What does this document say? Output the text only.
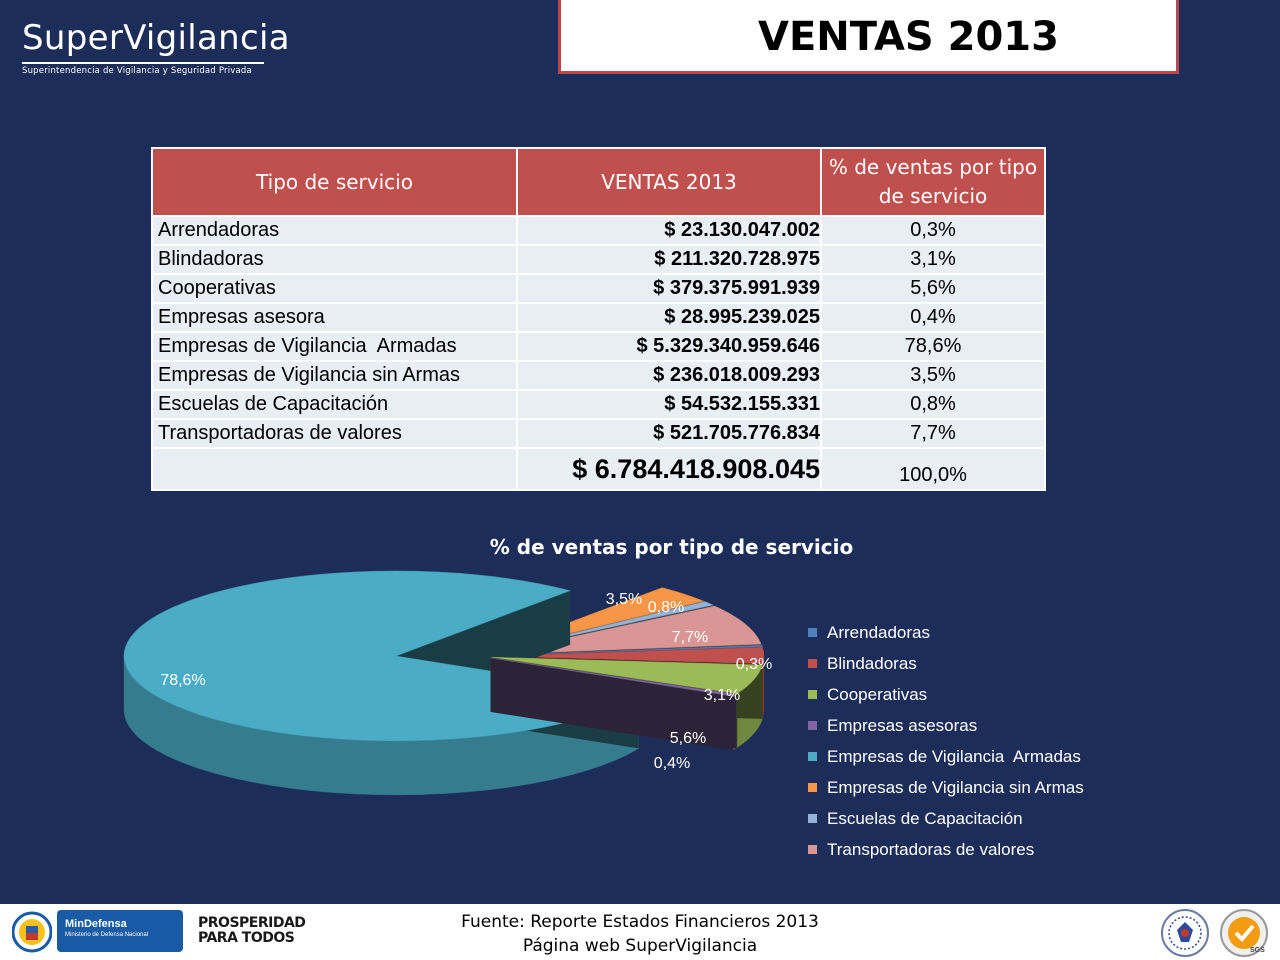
SuperVigilancia
Superintendencia de Vigilancia y Seguridad Privada
VENTAS 2013
Tipo de servicio	VENTAS 2013	% de ventas por tipo de servicio
Arrendadoras	$ 23.130.047.002	0,3%
Blindadoras	$ 211.320.728.975	3,1%
Cooperativas	$ 379.375.991.939	5,6%
Empresas asesora	$ 28.995.239.025	0,4%
Empresas de Vigilancia  Armadas	$ 5.329.340.959.646	78,6%
Empresas de Vigilancia sin Armas	$ 236.018.009.293	3,5%
Escuelas de Capacitación	$ 54.532.155.331	0,8%
Transportadoras de valores	$ 521.705.776.834	7,7%
	$ 6.784.418.908.045	100,0%
% de ventas por tipo de servicio
0,3%
3,1%
5,6%
0,4%
78,6%
3,5% 0,8%
7,7%	Arrendadoras
Blindadoras
Cooperativas
Empresas asesoras
Empresas de Vigilancia  Armadas
Empresas de Vigilancia sin Armas
Escuelas de Capacitación
Transportadoras de valores
MinDefensa
Ministerio de Defensa Nacional
PROSPERIDAD
PARA TODOS
Fuente: Reporte Estados Financieros 2013
Página web SuperVigilancia	SGS
